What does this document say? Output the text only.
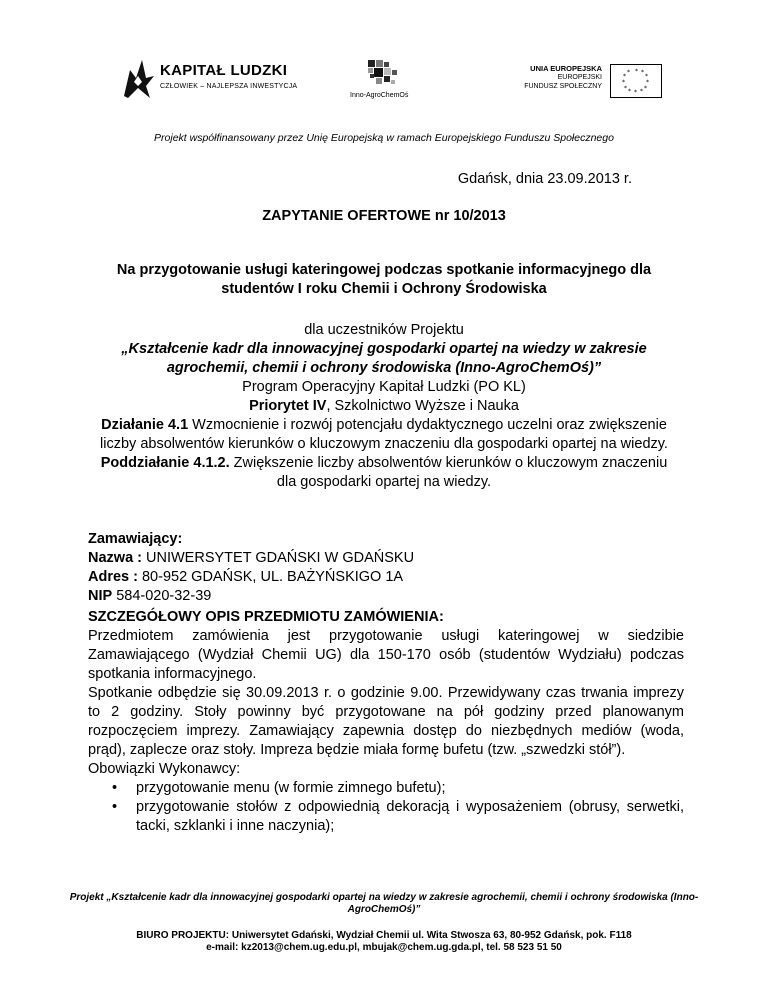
KAPITAŁ LUDZKI
CZŁOWIEK – NAJLEPSZA INWESTYCJA
Inno-AgroChemOś
UNIA EUROPEJSKA
EUROPEJSKI
FUNDUSZ SPOŁECZNY
* *
*
*
*
*
*
*
*
*
*
*
Projekt współfinansowany przez Unię Europejską w ramach Europejskiego Funduszu Społecznego
Gdańsk, dnia 23.09.2013 r.
ZAPYTANIE OFERTOWE nr 10/2013
Na przygotowanie usługi kateringowej podczas spotkanie informacyjnego dla studentów I roku Chemii i Ochrony Środowiska
dla uczestników Projektu
„Kształcenie kadr dla innowacyjnej gospodarki opartej na wiedzy w zakresie agrochemii, chemii i ochrony środowiska (Inno-AgroChemOś)”
Program Operacyjny Kapitał Ludzki (PO KL)
Priorytet IV, Szkolnictwo Wyższe i Nauka
Działanie 4.1 Wzmocnienie i rozwój potencjału dydaktycznego uczelni oraz zwiększenie liczby absolwentów kierunków o kluczowym znaczeniu dla gospodarki opartej na wiedzy.
Poddziałanie 4.1.2. Zwiększenie liczby absolwentów kierunków o kluczowym znaczeniu dla gospodarki opartej na wiedzy.
Zamawiający:
Nazwa : UNIWERSYTET GDAŃSKI W GDAŃSKU
Adres : 80-952 GDAŃSK, UL. BAŻYŃSKIGO 1A
NIP 584-020-32-39
SZCZEGÓŁOWY OPIS PRZEDMIOTU ZAMÓWIENIA:

Przedmiotem zamówienia jest przygotowanie usługi kateringowej w siedzibie Zamawiającego (Wydział Chemii UG) dla 150-170 osób (studentów Wydziału) podczas spotkania informacyjnego.

Spotkanie odbędzie się 30.09.2013 r. o godzinie 9.00. Przewidywany czas trwania imprezy to 2 godziny. Stoły powinny być przygotowane na pół godziny przed planowanym rozpoczęciem imprezy. Zamawiający zapewnia dostęp do niezbędnych mediów (woda, prąd), zaplecze oraz stoły. Impreza będzie miała formę bufetu (tzw. „szwedzki stół”).

Obowiązki Wykonawcy:
• przygotowanie menu (w formie zimnego bufetu);
• przygotowanie stołów z odpowiednią dekoracją i wyposażeniem (obrusy, serwetki, tacki, szklanki i inne naczynia);
Projekt „Kształcenie kadr dla innowacyjnej gospodarki opartej na wiedzy w zakresie agrochemii, chemii i ochrony środowiska (Inno-AgroChemOś)”
BIURO PROJEKTU: Uniwersytet Gdański, Wydział Chemii ul. Wita Stwosza 63, 80-952 Gdańsk, pok. F118
e-mail: kz2013@chem.ug.edu.pl, mbujak@chem.ug.gda.pl, tel. 58 523 51 50
